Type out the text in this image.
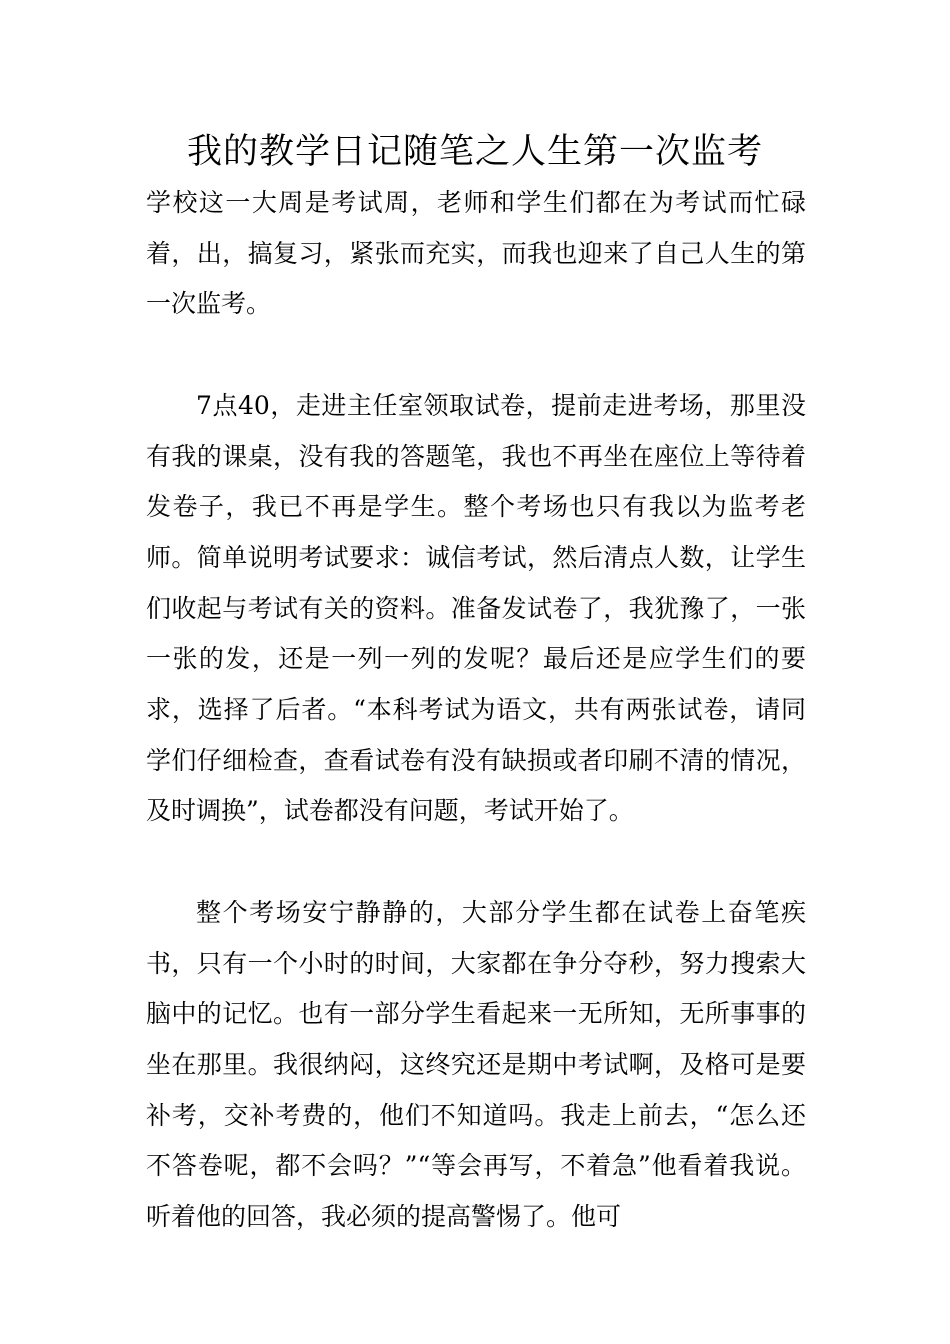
我的教学日记随笔之人生第一次监考

学校这一大周是考试周，老师和学生们都在为考试而忙碌着，出，搞复习，紧张而充实，而我也迎来了自己人生的第一次监考。

7点40，走进主任室领取试卷，提前走进考场，那里没有我的课桌，没有我的答题笔，我也不再坐在座位上等待着发卷子，我已不再是学生。整个考场也只有我以为监考老师。简单说明考试要求：诚信考试，然后清点人数，让学生们收起与考试有关的资料。准备发试卷了，我犹豫了，一张一张的发，还是一列一列的发呢？最后还是应学生们的要求，选择了后者。“本科考试为语文，共有两张试卷，请同学们仔细检查，查看试卷有没有缺损或者印刷不清的情况，及时调换”，试卷都没有问题，考试开始了。

整个考场安宁静静的，大部分学生都在试卷上奋笔疾书，只有一个小时的时间，大家都在争分夺秒，努力搜索大脑中的记忆。也有一部分学生看起来一无所知，无所事事的坐在那里。我很纳闷，这终究还是期中考试啊，及格可是要补考，交补考费的，他们不知道吗。我走上前去，“怎么还不答卷呢，都不会吗？”“等会再写，不着急”他看着我说。听着他的回答，我必须的提高警惕了。他可
